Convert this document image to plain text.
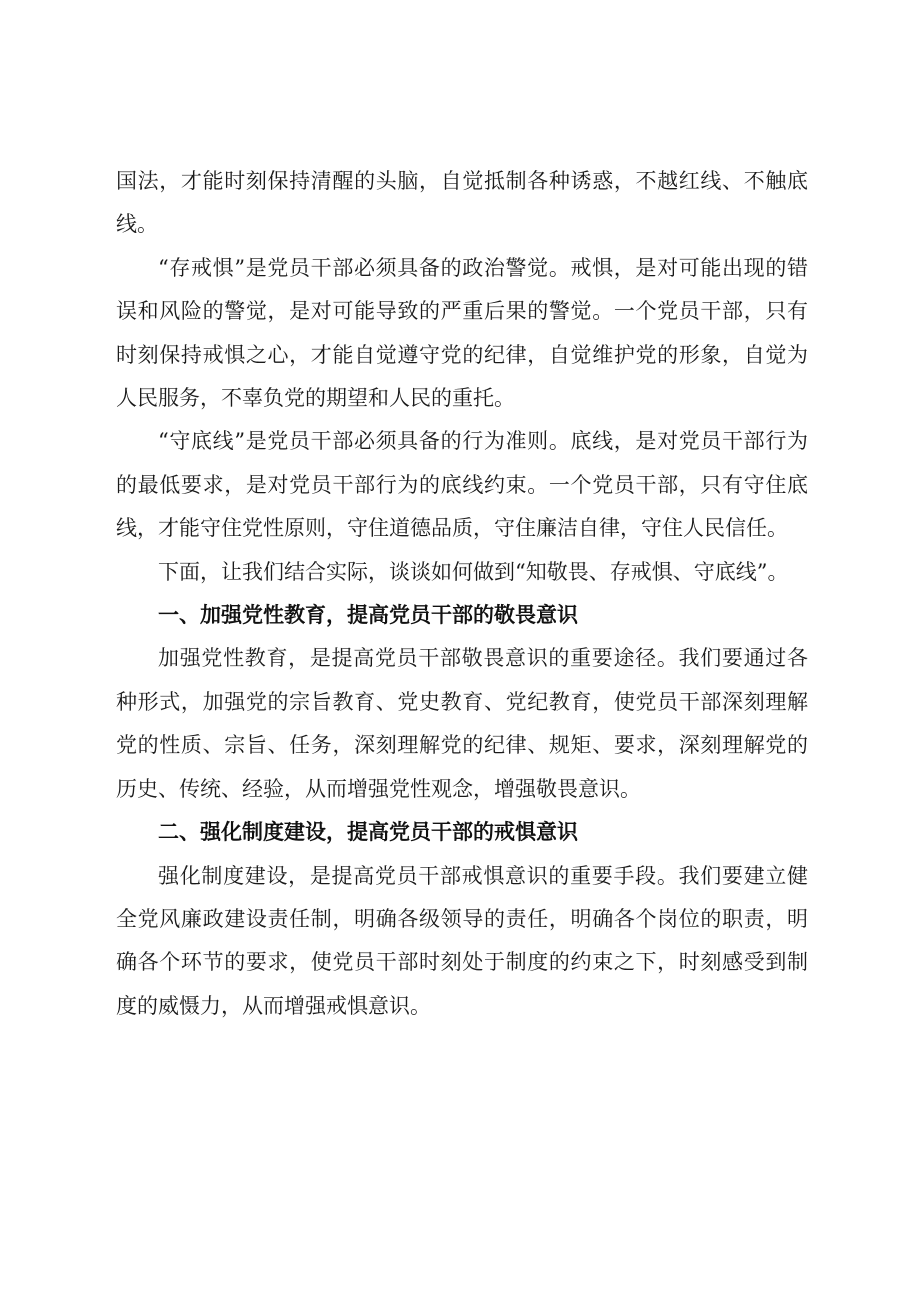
国法，才能时刻保持清醒的头脑，自觉抵制各种诱惑，不越红线、不触底线。

“存戒惧”是党员干部必须具备的政治警觉。戒惧，是对可能出现的错误和风险的警觉，是对可能导致的严重后果的警觉。一个党员干部，只有时刻保持戒惧之心，才能自觉遵守党的纪律，自觉维护党的形象，自觉为人民服务，不辜负党的期望和人民的重托。

“守底线”是党员干部必须具备的行为准则。底线，是对党员干部行为的最低要求，是对党员干部行为的底线约束。一个党员干部，只有守住底线，才能守住党性原则，守住道德品质，守住廉洁自律，守住人民信任。

下面，让我们结合实际，谈谈如何做到“知敬畏、存戒惧、守底线”。

一、加强党性教育，提高党员干部的敬畏意识

加强党性教育，是提高党员干部敬畏意识的重要途径。我们要通过各种形式，加强党的宗旨教育、党史教育、党纪教育，使党员干部深刻理解党的性质、宗旨、任务，深刻理解党的纪律、规矩、要求，深刻理解党的历史、传统、经验，从而增强党性观念，增强敬畏意识。

二、强化制度建设，提高党员干部的戒惧意识

强化制度建设，是提高党员干部戒惧意识的重要手段。我们要建立健全党风廉政建设责任制，明确各级领导的责任，明确各个岗位的职责，明确各个环节的要求，使党员干部时刻处于制度的约束之下，时刻感受到制度的威慑力，从而增强戒惧意识。
